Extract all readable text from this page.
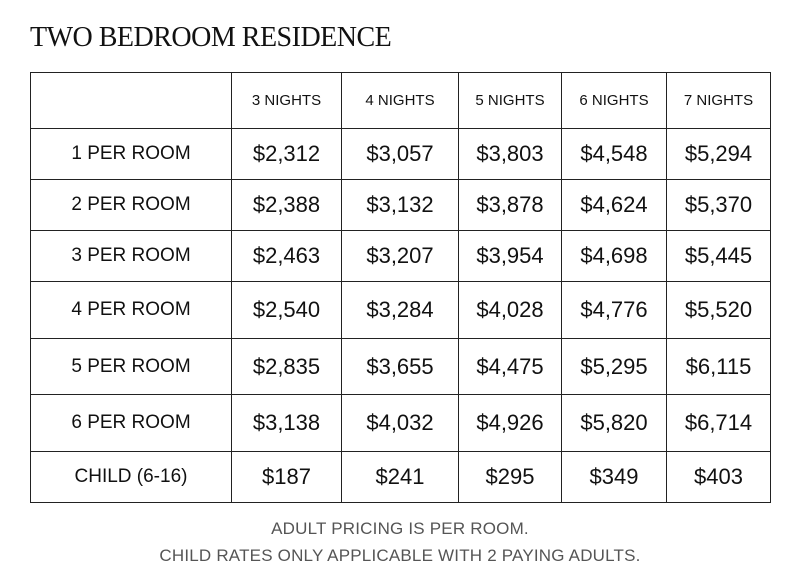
TWO BEDROOM RESIDENCE
	3 NIGHTS	4 NIGHTS	5 NIGHTS	6 NIGHTS	7 NIGHTS
1 PER ROOM	$2,312	$3,057	$3,803	$4,548	$5,294
2 PER ROOM	$2,388	$3,132	$3,878	$4,624	$5,370
3 PER ROOM	$2,463	$3,207	$3,954	$4,698	$5,445
4 PER ROOM	$2,540	$3,284	$4,028	$4,776	$5,520
5 PER ROOM	$2,835	$3,655	$4,475	$5,295	$6,115
6 PER ROOM	$3,138	$4,032	$4,926	$5,820	$6,714
CHILD (6-16)	$187	$241	$295	$349	$403
ADULT PRICING IS PER ROOM.
CHILD RATES ONLY APPLICABLE WITH 2 PAYING ADULTS.
